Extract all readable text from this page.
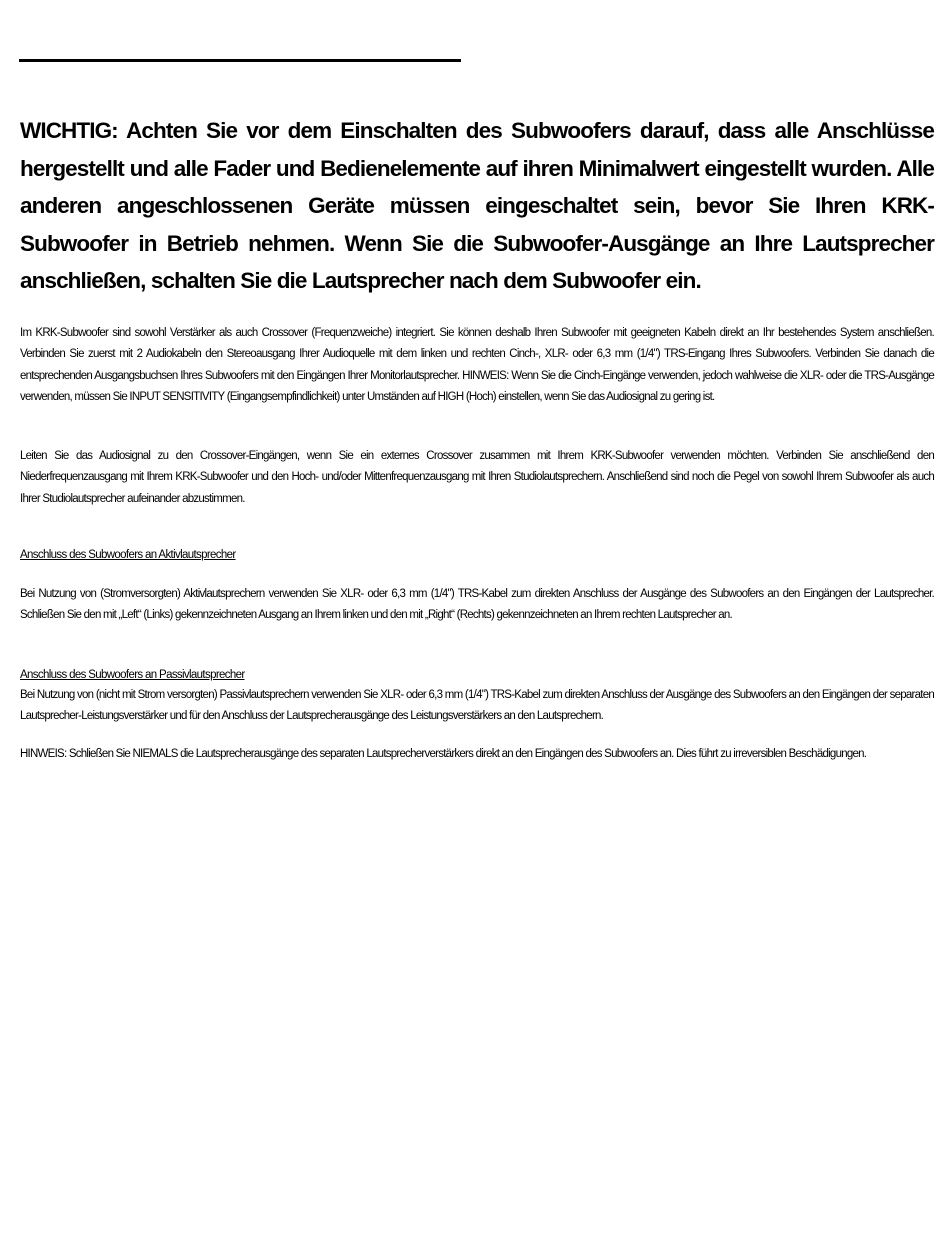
WICHTIG: Achten Sie vor dem Einschalten des Subwoofers darauf, dass alle Anschlüsse hergestellt und alle Fader und Bedienelemente auf ihren Minimalwert eingestellt wurden. Alle anderen angeschlossenen Geräte müssen eingeschaltet sein, bevor Sie Ihren KRK-Subwoofer in Betrieb nehmen. Wenn Sie die Subwoofer-Ausgänge an Ihre Lautsprecher anschließen, schalten Sie die Lautsprecher nach dem Subwoofer ein.

Im KRK-Subwoofer sind sowohl Verstärker als auch Crossover (Frequenzweiche) integriert. Sie können deshalb Ihren Subwoofer mit geeigneten Kabeln direkt an Ihr bestehendes System anschließen. Verbinden Sie zuerst mit 2 Audiokabeln den Stereoausgang Ihrer Audioquelle mit dem linken und rechten Cinch-, XLR- oder 6,3 mm (1/4") TRS-Eingang Ihres Subwoofers. Verbinden Sie danach die entsprechenden Ausgangsbuchsen Ihres Subwoofers mit den Eingängen Ihrer Monitorlautsprecher. HINWEIS: Wenn Sie die Cinch-Eingänge verwenden, jedoch wahlweise die XLR- oder die TRS-Ausgänge verwenden, müssen Sie INPUT SENSITIVITY (Eingangsempfindlichkeit) unter Umständen auf HIGH (Hoch) einstellen, wenn Sie das Audiosignal zu gering ist.

Leiten Sie das Audiosignal zu den Crossover-Eingängen, wenn Sie ein externes Crossover zusammen mit Ihrem KRK-Subwoofer verwenden möchten. Verbinden Sie anschließend den Niederfrequenzausgang mit Ihrem KRK-Subwoofer und den Hoch- und/oder Mittenfrequenzausgang mit Ihren Studiolautsprechern. Anschließend sind noch die Pegel von sowohl Ihrem Subwoofer als auch Ihrer Studiolautsprecher aufeinander abzustimmen.

Anschluss des Subwoofers an Aktivlautsprecher

Bei Nutzung von (Stromversorgten) Aktivlautsprechern verwenden Sie XLR- oder 6,3 mm (1/4") TRS-Kabel zum direkten Anschluss der Ausgänge des Subwoofers an den Eingängen der Lautsprecher. Schließen Sie den mit „Left“ (Links) gekennzeichneten Ausgang an Ihrem linken und den mit „Right“ (Rechts) gekennzeichneten an Ihrem rechten Lautsprecher an.

Anschluss des Subwoofers an Passivlautsprecher

Bei Nutzung von (nicht mit Strom versorgten) Passivlautsprechern verwenden Sie XLR- oder 6,3 mm (1/4") TRS-Kabel zum direkten Anschluss der Ausgänge des Subwoofers an den Eingängen der separaten Lautsprecher-Leistungsverstärker und für den Anschluss der Lautsprecherausgänge des Leistungsverstärkers an den Lautsprechern.

HINWEIS: Schließen Sie NIEMALS die Lautsprecherausgänge des separaten Lautsprecherverstärkers direkt an den Eingängen des Subwoofers an. Dies führt zu irreversiblen Beschädigungen.
